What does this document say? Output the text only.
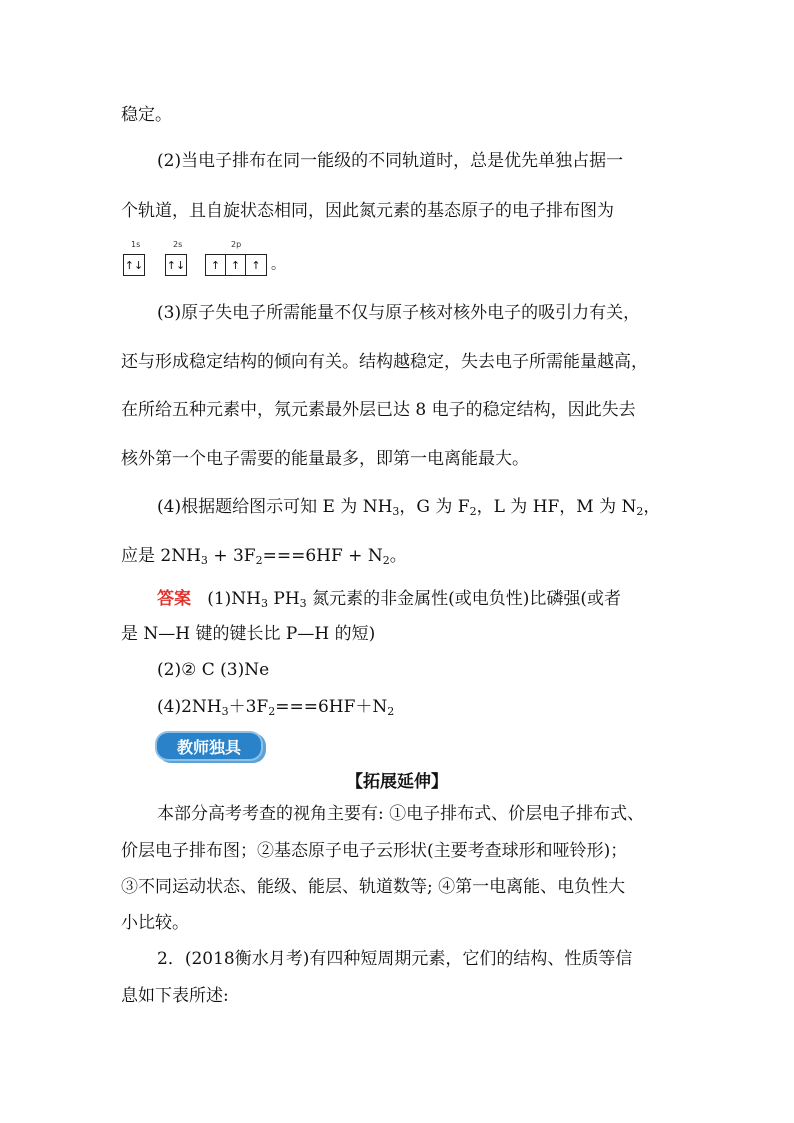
稳定。
(2)当电子排布在同一能级的不同轨道时，总是优先单独占据一
个轨道，且自旋状态相同，因此氮元素的基态原子的电子排布图为
1s	2s	2p
↑↓ ↑↓	↑ ↑	↑ 。
(3)原子失电子所需能量不仅与原子核对核外电子的吸引力有关，
还与形成稳定结构的倾向有关。结构越稳定，失去电子所需能量越高，
在所给五种元素中，氖元素最外层已达 8 电子的稳定结构，因此失去
核外第一个电子需要的能量最多，即第一电离能最大。
(4)根据题给图示可知 E 为 $NH_3$，G 为 $F_2$，L 为 HF，M 为 $N_2$，
应是 $2NH_3 + 3F_2===6HF + N_2$。
答案 $(1)NH_3$ $PH_3$ 氮元素的非金属性(或电负性)比磷强(或者
是 N—H 键的键长比 P—H 的短)
(2)② C (3)Ne
$(4)2NH_3+3F_2===6HF+N_2$
教师独具
【拓展延伸】
本部分高考考查的视角主要有: ①电子排布式、价层电子排布式、
价层电子排布图；②基态原子电子云形状(主要考查球形和哑铃形)；
③不同运动状态、能级、能层、轨道数等; ④第一电离能、电负性大
小比较。
2．(2018衡水月考)有四种短周期元素，它们的结构、性质等信
息如下表所述:
